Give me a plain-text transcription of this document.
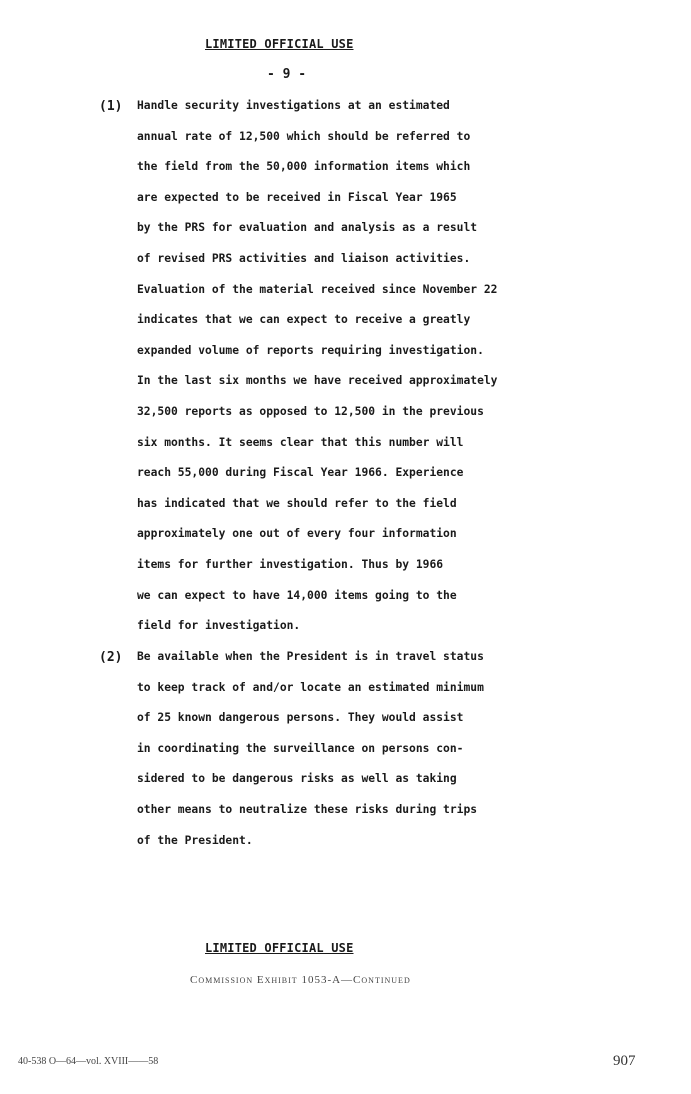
LIMITED OFFICIAL USE
- 9 -
(1) Handle security investigations at an estimated
annual rate of 12,500 which should be referred to
the field from the 50,000 information items which
are expected to be received in Fiscal Year 1965
by the PRS for evaluation and analysis as a result
of revised PRS activities and liaison activities.
Evaluation of the material received since November 22
indicates that we can expect to receive a greatly
expanded volume of reports requiring investigation.
In the last six months we have received approximately
32,500 reports as opposed to 12,500 in the previous
six months. It seems clear that this number will
reach 55,000 during Fiscal Year 1966. Experience
has indicated that we should refer to the field
approximately one out of every four information
items for further investigation. Thus by 1966
we can expect to have 14,000 items going to the
field for investigation.
(2) Be available when the President is in travel status
to keep track of and/or locate an estimated minimum
of 25 known dangerous persons. They would assist
in coordinating the surveillance on persons con-
sidered to be dangerous risks as well as taking
other means to neutralize these risks during trips
of the President.
LIMITED OFFICIAL USE
Commission Exhibit 1053-A—Continued
40-538 O—64—vol. XVIII——58	907
